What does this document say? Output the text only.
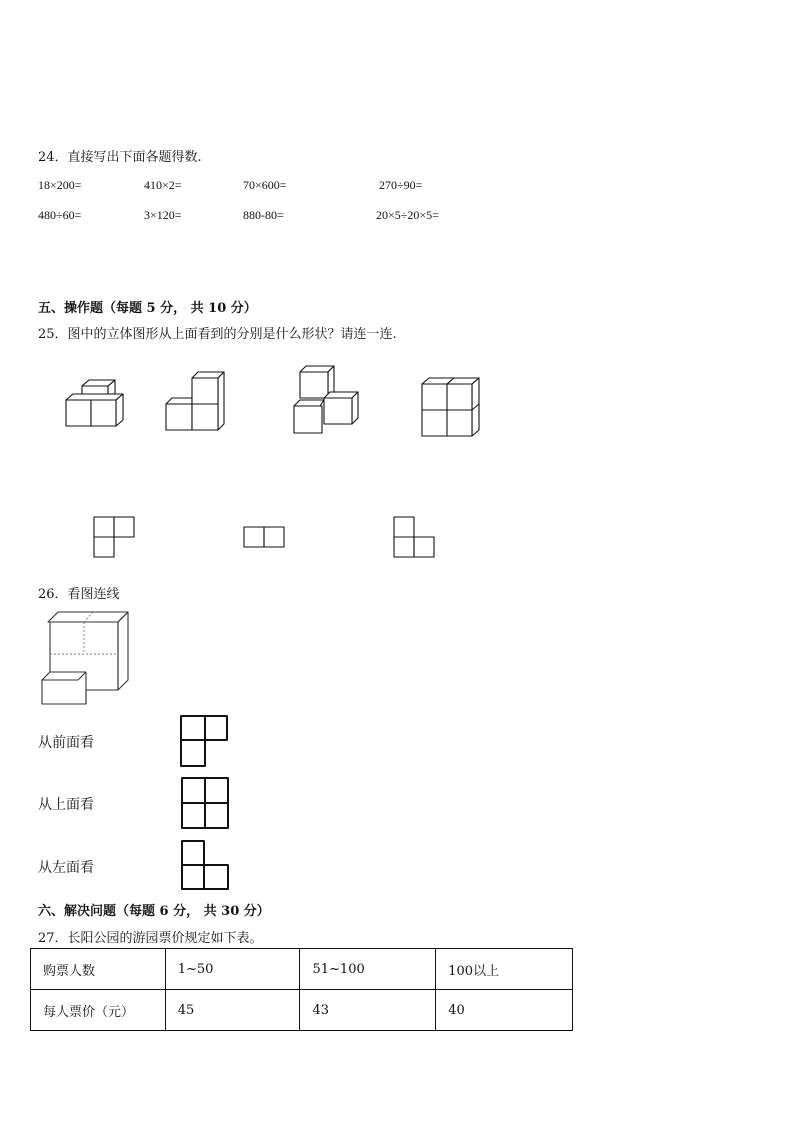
24．直接写出下面各题得数.
18×200=	410×2=	70×600=	270÷90=
480÷60=	3×120=	880-80=	20×5÷20×5=
五、操作题（每题 5 分， 共 10 分）
25．图中的立体图形从上面看到的分别是什么形状？请连一连.
26．看图连线
从前面看
从上面看
从左面看
六、解决问题（每题 6 分， 共 30 分）
27．长阳公园的游园票价规定如下表。
购票人数	1~50	51~100	100以上
每人票价（元）	45	43	40
